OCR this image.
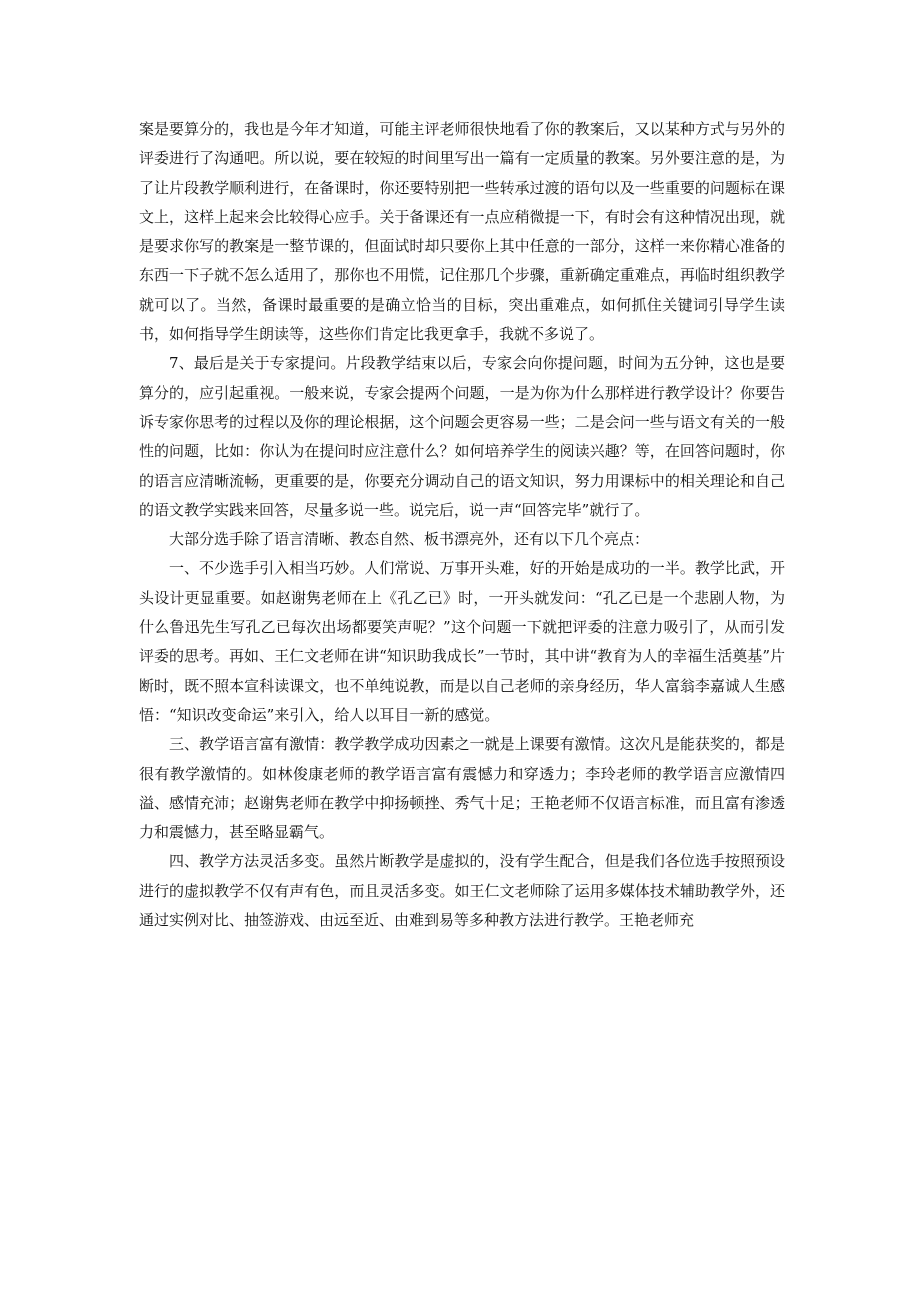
案是要算分的，我也是今年才知道，可能主评老师很快地看了你的教案后，又以某种方式与另外的评委进行了沟通吧。所以说，要在较短的时间里写出一篇有一定质量的教案。另外要注意的是，为了让片段教学顺利进行，在备课时，你还要特别把一些转承过渡的语句以及一些重要的问题标在课文上，这样上起来会比较得心应手。关于备课还有一点应稍微提一下，有时会有这种情况出现，就是要求你写的教案是一整节课的，但面试时却只要你上其中任意的一部分，这样一来你精心准备的东西一下子就不怎么适用了，那你也不用慌，记住那几个步骤，重新确定重难点，再临时组织教学就可以了。当然，备课时最重要的是确立恰当的目标，突出重难点，如何抓住关键词引导学生读书，如何指导学生朗读等，这些你们肯定比我更拿手，我就不多说了。

7、最后是关于专家提问。片段教学结束以后，专家会向你提问题，时间为五分钟，这也是要算分的，应引起重视。一般来说，专家会提两个问题，一是为你为什么那样进行教学设计？你要告诉专家你思考的过程以及你的理论根据，这个问题会更容易一些；二是会问一些与语文有关的一般性的问题，比如：你认为在提问时应注意什么？如何培养学生的阅读兴趣？等，在回答问题时，你的语言应清晰流畅，更重要的是，你要充分调动自己的语文知识，努力用课标中的相关理论和自己的语文教学实践来回答，尽量多说一些。说完后，说一声“回答完毕”就行了。

大部分选手除了语言清晰、教态自然、板书漂亮外，还有以下几个亮点：

一、不少选手引入相当巧妙。人们常说、万事开头难，好的开始是成功的一半。教学比武，开头设计更显重要。如赵谢隽老师在上《孔乙已》时，一开头就发问：“孔乙已是一个悲剧人物，为什么鲁迅先生写孔乙已每次出场都要笑声呢？”这个问题一下就把评委的注意力吸引了，从而引发评委的思考。再如、王仁文老师在讲“知识助我成长”一节时，其中讲“教育为人的幸福生活奠基”片断时，既不照本宣科读课文，也不单纯说教，而是以自己老师的亲身经历，华人富翁李嘉诚人生感悟：“知识改变命运”来引入，给人以耳目一新的感觉。

三、教学语言富有激情：教学教学成功因素之一就是上课要有激情。这次凡是能获奖的，都是很有教学激情的。如林俊康老师的教学语言富有震憾力和穿透力；李玲老师的教学语言应激情四溢、感情充沛；赵谢隽老师在教学中抑扬顿挫、秀气十足；王艳老师不仅语言标准，而且富有渗透力和震憾力，甚至略显霸气。

四、教学方法灵活多变。虽然片断教学是虚拟的，没有学生配合，但是我们各位选手按照预设进行的虚拟教学不仅有声有色，而且灵活多变。如王仁文老师除了运用多媒体技术辅助教学外，还通过实例对比、抽签游戏、由远至近、由难到易等多种教方法进行教学。王艳老师充
